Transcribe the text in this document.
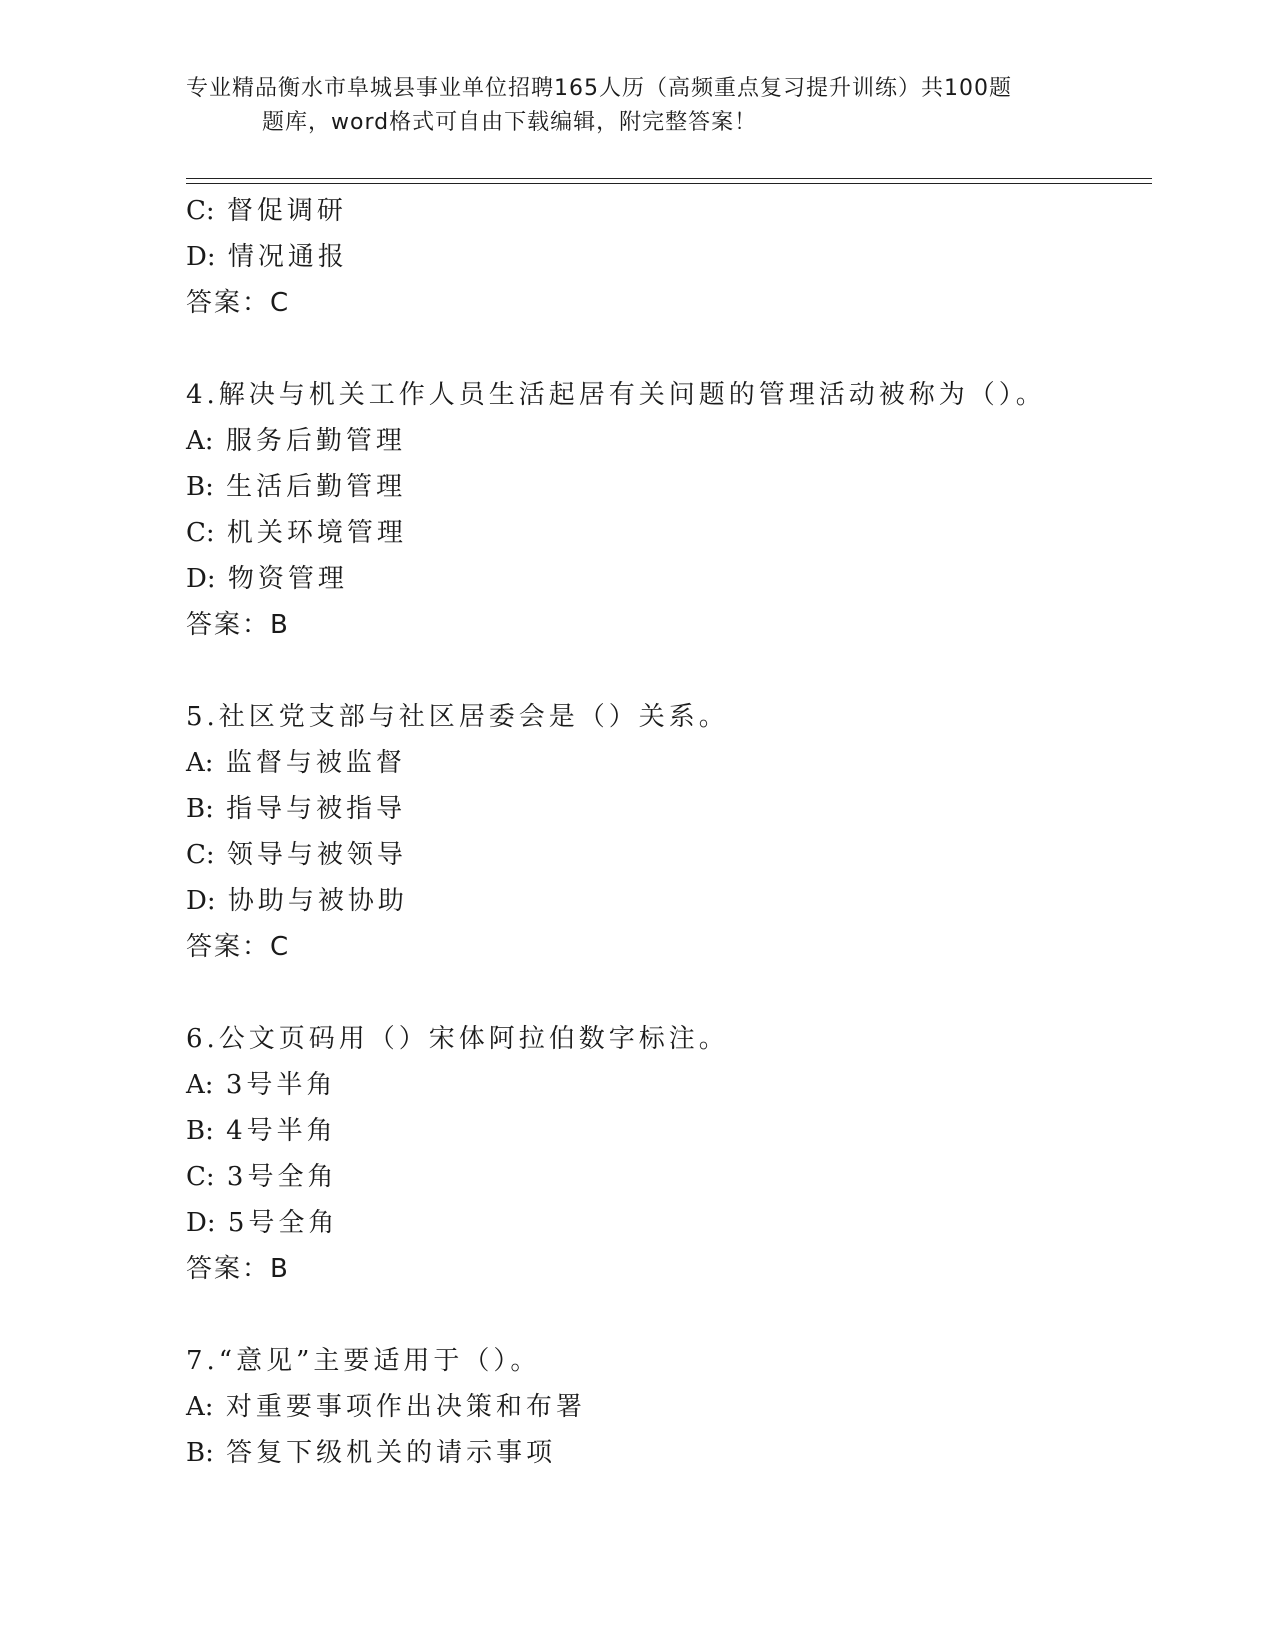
专业精品衡水市阜城县事业单位招聘165人历（高频重点复习提升训练）共100题
题库，word格式可自由下载编辑，附完整答案！
C: 督促调研
D: 情况通报
答案：C
4.解决与机关工作人员生活起居有关问题的管理活动被称为（）。
A: 服务后勤管理
B: 生活后勤管理
C: 机关环境管理
D: 物资管理
答案：B
5.社区党支部与社区居委会是（）关系。
A: 监督与被监督
B: 指导与被指导
C: 领导与被领导
D: 协助与被协助
答案：C
6.公文页码用（）宋体阿拉伯数字标注。
A: 3号半角
B: 4号半角
C: 3号全角
D: 5号全角
答案：B
7.“意见”主要适用于（）。
A: 对重要事项作出决策和布署
B: 答复下级机关的请示事项
